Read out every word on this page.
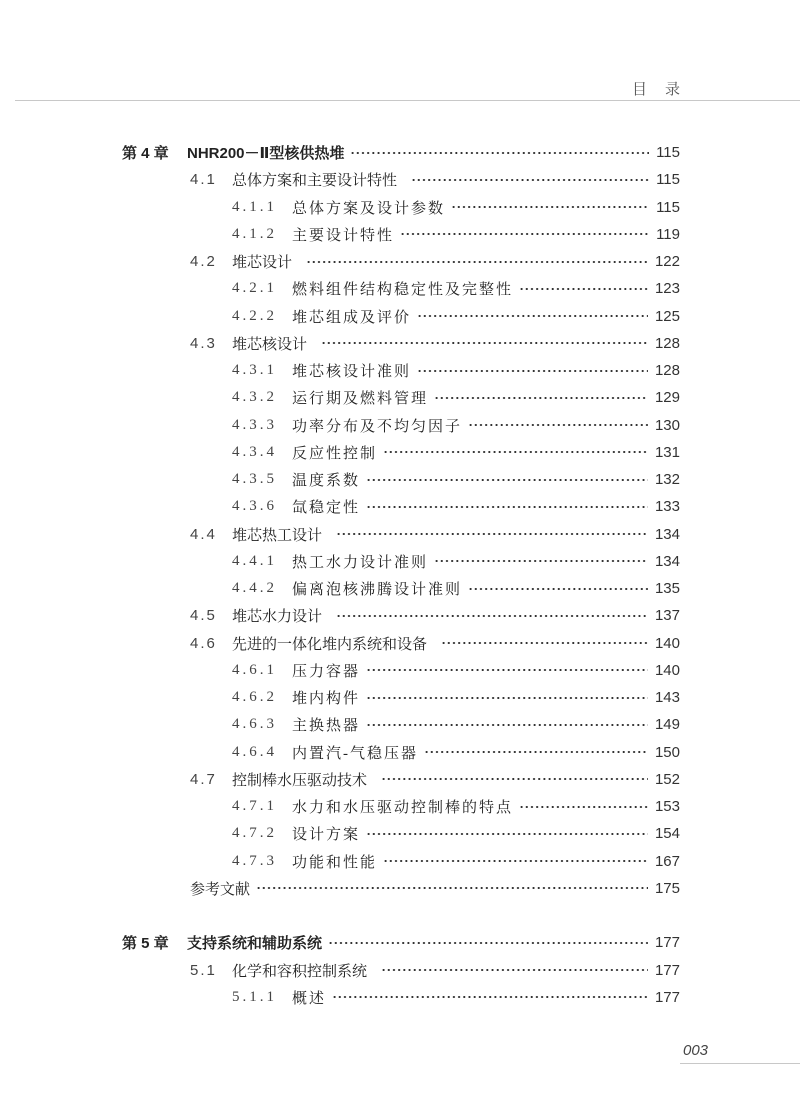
目录
第 4 章	NHR200－Ⅱ型核供热堆	115
4.1	总体方案和主要设计特性	115
4.1.1	总体方案及设计参数	115
4.1.2	主要设计特性	119
4.2	堆芯设计	122
4.2.1	燃料组件结构稳定性及完整性	123
4.2.2	堆芯组成及评价	125
4.3	堆芯核设计	128
4.3.1	堆芯核设计准则	128
4.3.2	运行期及燃料管理	129
4.3.3	功率分布及不均匀因子	130
4.3.4	反应性控制	131
4.3.5	温度系数	132
4.3.6	氙稳定性	133
4.4	堆芯热工设计	134
4.4.1	热工水力设计准则	134
4.4.2	偏离泡核沸腾设计准则	135
4.5	堆芯水力设计	137
4.6	先进的一体化堆内系统和设备	140
4.6.1	压力容器	140
4.6.2	堆内构件	143
4.6.3	主换热器	149
4.6.4	内置汽-气稳压器	150
4.7	控制棒水压驱动技术	152
4.7.1	水力和水压驱动控制棒的特点	153
4.7.2	设计方案	154
4.7.3	功能和性能	167
参考文献	175
第 5 章	支持系统和辅助系统	177
5.1	化学和容积控制系统	177
5.1.1	概述	177
003
